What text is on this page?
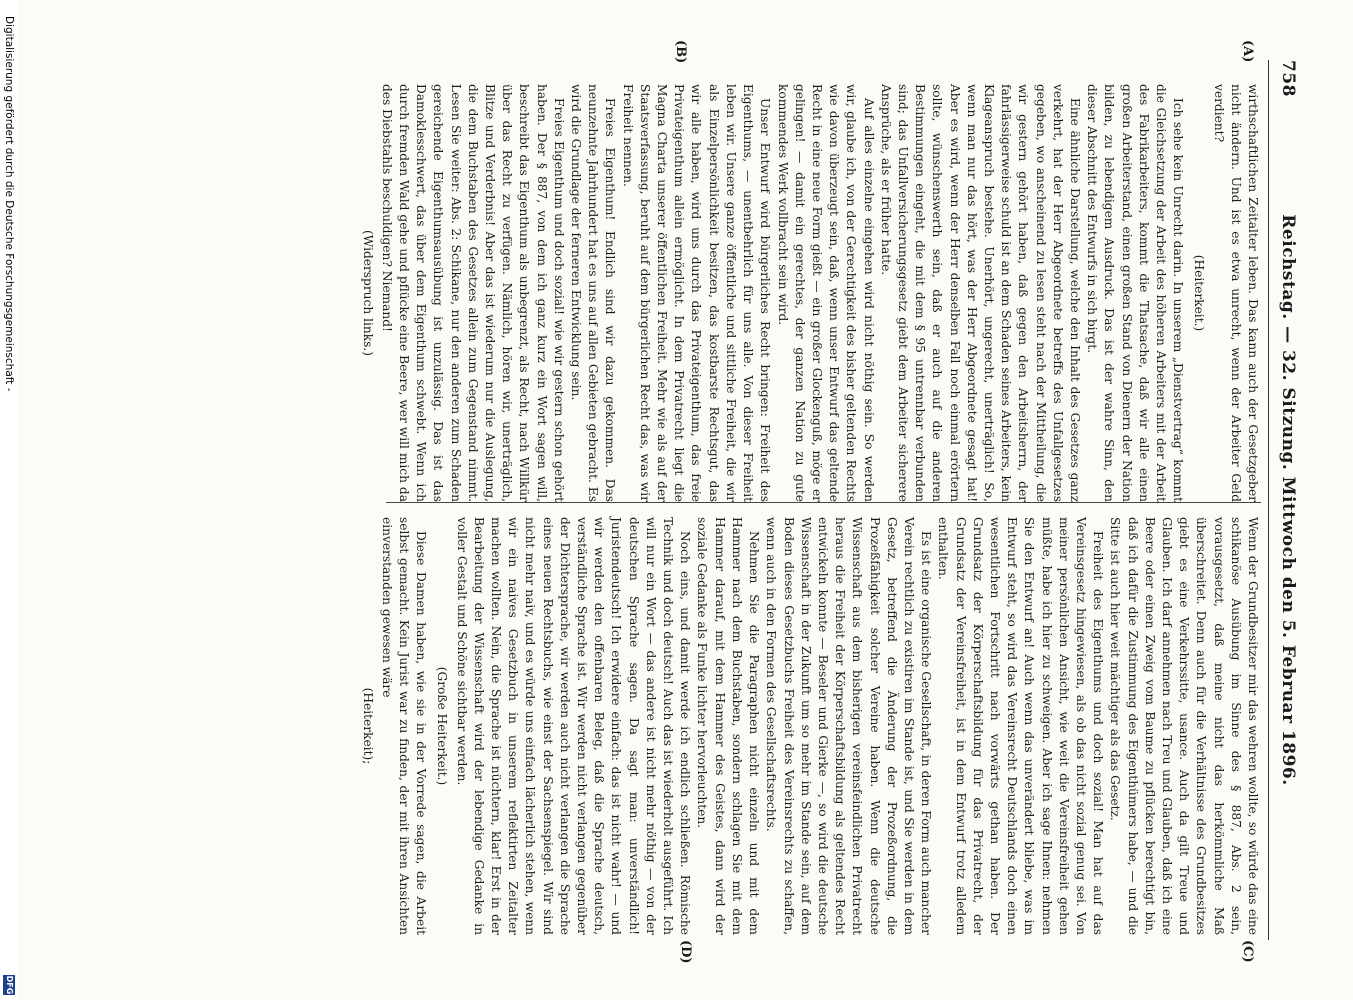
758
Reichstag. — 32. Sitzung. Mittwoch den 5. Februar 1896.
(A)
(B)
(C)
(D)

wirthschaftlichen Zeitalter leben. Das kann auch der Gesetzgeber nicht ändern. Und ist es etwa unrecht, wenn der Arbeiter Geld verdient?

(Heiterkeit.)

Ich sehe kein Unrecht darin. In unserem „Dienstvertrag“ kommt die Gleichsetzung der Arbeit des höheren Arbeiters mit der Arbeit des Fabrikarbeiters, kommt die Thatsache, daß wir alle einen großen Arbeiterstand, einen großen Stand von Dienern der Nation bilden, zu lebendigem Ausdruck. Das ist der wahre Sinn, den dieser Abschnitt des Entwurfs in sich birgt.

Eine ähnliche Darstellung, welche den Inhalt des Gesetzes ganz verkehrt, hat der Herr Abgeordnete betreffs des Unfallgesetzes gegeben, wo anscheinend zu lesen steht nach der Mittheilung, die wir gestern gehört haben, daß gegen den Arbeitsherrn, der fahrlässigerweise schuld ist an dem Schaden seines Arbeiters, kein Klageanspruch bestehe. Unerhört, ungerecht, unerträglich! So, wenn man nur das hört, was der Herr Abgeordnete gesagt hat! Aber es wird, wenn der Herr denselben Fall noch einmal erörtern sollte, wünschenswerth sein, daß er auch auf die anderen Bestimmungen eingeht, die mit dem § 95 untrennbar verbunden sind; das Unfallversicherungsgesetz giebt dem Arbeiter sicherere Ansprüche, als er früher hatte.

Auf alles einzelne eingehen wird nicht nöthig sein. So werden wir, glaube ich, von der Gerechtigkeit des bisher geltenden Rechts wie davon überzeugt sein, daß, wenn unser Entwurf das geltende Recht in eine neue Form gießt — ein großer Glockenguß, möge er gelingen! — damit ein gerechtes, der ganzen Nation zu gute kommendes Werk vollbracht sein wird.

Unser Entwurf wird bürgerliches Recht bringen: Freiheit des Eigenthums, — unentbehrlich für uns alle. Von dieser Freiheit leben wir. Unsere ganze öffentliche und sittliche Freiheit, die wir als Einzelpersönlichkeit besitzen, das kostbarste Rechtsgut, das wir alle haben, wird uns durch das Privateigenthum, das freie Privateigenthum allein ermöglicht. In dem Privatrecht liegt die Magna Charta unserer öffentlichen Freiheit. Mehr wie als auf der Staatsverfassung, beruht auf dem bürgerlichen Recht das, was wir Freiheit nennen.

Freies Eigenthum! Endlich sind wir dazu gekommen. Das neunzehnte Jahrhundert hat es uns auf allen Gebieten gebracht. Es wird die Grundlage der ferneren Entwicklung sein.

Freies Eigenthum und doch sozial! wie wir gestern schon gehört haben. Der § 887, von dem ich ganz kurz ein Wort sagen will, beschreibt das Eigenthum als unbegrenzt, als Recht, nach Willkür über das Recht zu verfügen. Nämlich, hören wir, unerträglich, Blitze und Verderbnis! Aber das ist wiederum nur die Auslegung, die dem Buchstaben des Gesetzes allein zum Gegenstand nimmt. Lesen Sie weiter: Abs. 2: Schikane, nur den anderen zum Schaden gereichende Eigenthumsausübung ist unzulässig. Das ist das Damoklesschwert, das über dem Eigenthum schwebt. Wenn ich durch fremden Wald gehe und pflücke eine Beere, wer will mich da des Diebstahls beschuldigen? Niemand!

(Widerspruch links.)

Wenn der Grundbesitzer mir das wehren wollte, so würde das eine schikanöse Ausübung im Sinne des § 887, Abs. 2 sein, vorausgesetzt, daß meine nicht das herkömmliche Maß überschreitet. Denn auch für die Verhältnisse des Grundbesitzes giebt es eine Verkehrssitte, usance. Auch da gilt Treue und Glauben. Ich darf annehmen nach Treu und Glauben, daß ich eine Beere oder einen Zweig vom Baume zu pflücken berechtigt bin, daß ich dafür die Zustimmung des Eigenthümers habe, — und die Sitte ist auch hier weit mächtiger als das Gesetz.

Freiheit des Eigenthums und doch sozial! Man hat auf das Vereinsgesetz hingewiesen, als ob das nicht sozial genug sei. Von meiner persönlichen Ansicht, wie weit die Vereinsfreiheit gehen müßte, habe ich hier zu schweigen. Aber ich sage Ihnen: nehmen Sie den Entwurf an! Auch wenn das unverändert bliebe, was im Entwurf steht, so wird das Vereinsrecht Deutschlands doch einen wesentlichen Fortschritt nach vorwärts gethan haben. Der Grundsatz der Körperschaftsbildung für das Privatrecht, der Grundsatz der Vereinsfreiheit, ist in dem Entwurf trotz alledem enthalten.

Es ist eine organische Gesellschaft, in deren Form auch mancher Verein rechtlich zu existiren im Stande ist, und Sie werden in dem Gesetz, betreffend die Änderung der Prozeßordnung, die Prozeßfähigkeit solcher Vereine haben. Wenn die deutsche Wissenschaft aus dem bisherigen vereinsfeindlichen Privatrecht heraus die Freiheit der Körperschaftsbildung als geltendes Recht entwickeln konnte — Beseler und Gierke —, so wird die deutsche Wissenschaft in der Zukunft um so mehr im Stande sein, auf dem Boden dieses Gesetzbuchs Freiheit des Vereinsrechts zu schaffen, wenn auch in den Formen des Gesellschaftsrechts.

Nehmen Sie die Paragraphen nicht einzeln und mit dem Hammer nach dem Buchstaben, sondern schlagen Sie mit dem Hammer darauf, mit dem Hammer des Geistes, dann wird der soziale Gedanke als Funke lichter hervorleuchten.

Noch eins, und damit werde ich endlich schließen. Römische Technik und doch deutsch! Auch das ist wiederholt ausgeführt. Ich will nur ein Wort — das andere ist nicht mehr nöthig — von der deutschen Sprache sagen. Da sagt man: unverständlich! Juristendeutsch! Ich erwidere einfach: das ist nicht wahr! — und wir werden den offenbaren Beleg, daß die Sprache deutsch, verständliche Sprache ist. Wir werden nicht verlangen gegenüber der Dichtersprache, wir werden auch nicht verlangen die Sprache eines neuen Rechtsbuchs, wie einst der Sachsenspiegel. Wir sind nicht mehr naiv, und es würde uns einfach lächerlich stehen, wenn wir ein naives Gesetzbuch in unserem reflektirten Zeitalter machen wollten. Nein, die Sprache ist nüchtern, klar! Erst in der Bearbeitung der Wissenschaft wird der lebendige Gedanke in voller Gestalt und Schöne sichtbar werden.

(Große Heiterkeit.)

Diese Damen haben, wie sie in der Vorrede sagen, die Arbeit selbst gemacht. Kein Jurist war zu finden, der mit ihren Ansichten einverstanden gewesen wäre

(Heiterkeit);

Digitalisierung gefördert durch die Deutsche Forschungsgemeinschaft -
DFG
